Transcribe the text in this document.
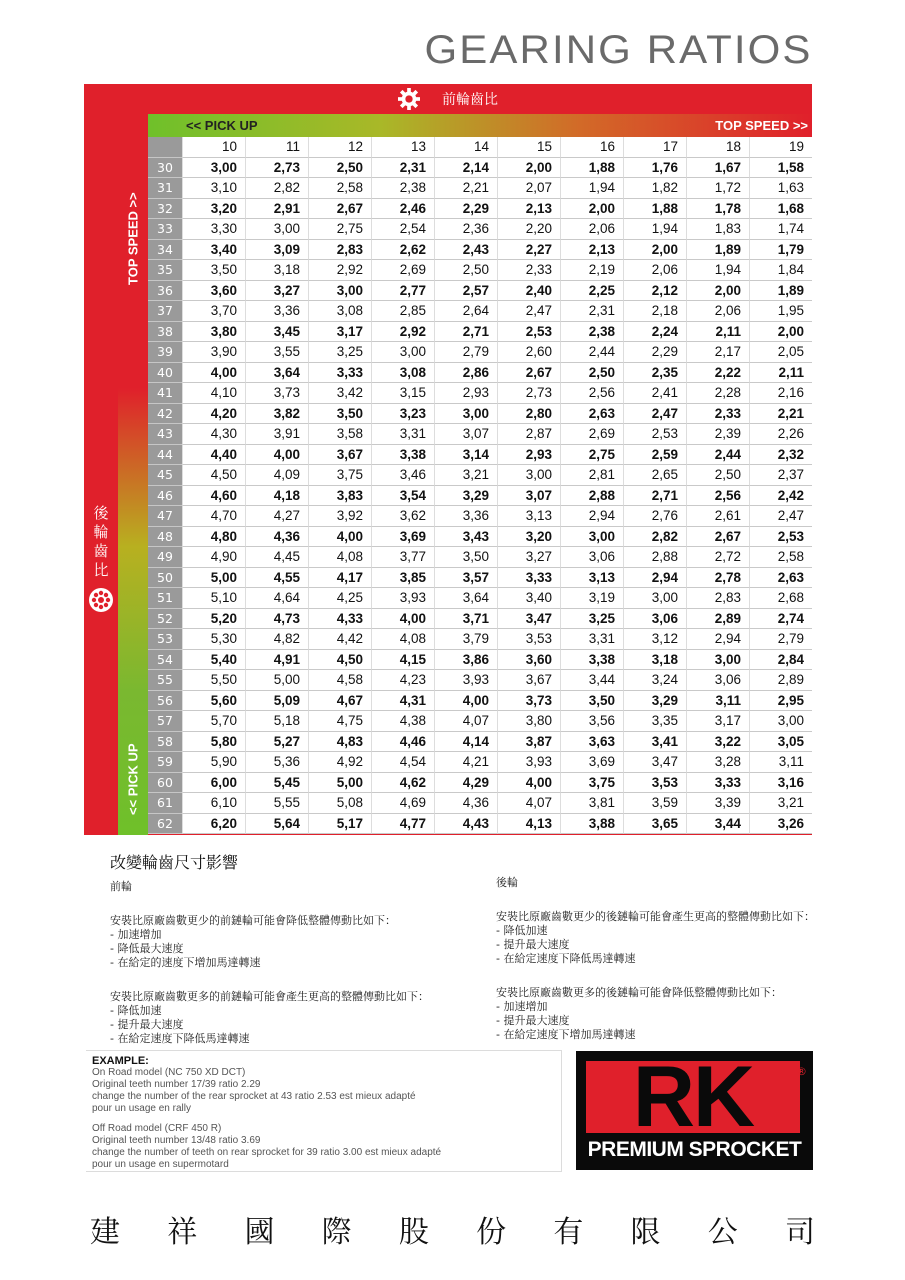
GEARING RATIOS
前輪齒比
後
輪
齒
比
TOP SPEED >>
<< PICK UP
<< PICK UP	TOP SPEED >>
10	11	12	13	14	15	16	17	18	19
30	3,00	2,73	2,50	2,31	2,14	2,00	1,88	1,76	1,67	1,58
31	3,10	2,82	2,58	2,38	2,21	2,07	1,94	1,82	1,72	1,63
32	3,20	2,91	2,67	2,46	2,29	2,13	2,00	1,88	1,78	1,68
33	3,30	3,00	2,75	2,54	2,36	2,20	2,06	1,94	1,83	1,74
34	3,40	3,09	2,83	2,62	2,43	2,27	2,13	2,00	1,89	1,79
35	3,50	3,18	2,92	2,69	2,50	2,33	2,19	2,06	1,94	1,84
36	3,60	3,27	3,00	2,77	2,57	2,40	2,25	2,12	2,00	1,89
37	3,70	3,36	3,08	2,85	2,64	2,47	2,31	2,18	2,06	1,95
38	3,80	3,45	3,17	2,92	2,71	2,53	2,38	2,24	2,11	2,00
39	3,90	3,55	3,25	3,00	2,79	2,60	2,44	2,29	2,17	2,05
40	4,00	3,64	3,33	3,08	2,86	2,67	2,50	2,35	2,22	2,11
41	4,10	3,73	3,42	3,15	2,93	2,73	2,56	2,41	2,28	2,16
42	4,20	3,82	3,50	3,23	3,00	2,80	2,63	2,47	2,33	2,21
43	4,30	3,91	3,58	3,31	3,07	2,87	2,69	2,53	2,39	2,26
44	4,40	4,00	3,67	3,38	3,14	2,93	2,75	2,59	2,44	2,32
45	4,50	4,09	3,75	3,46	3,21	3,00	2,81	2,65	2,50	2,37
46	4,60	4,18	3,83	3,54	3,29	3,07	2,88	2,71	2,56	2,42
47	4,70	4,27	3,92	3,62	3,36	3,13	2,94	2,76	2,61	2,47
48	4,80	4,36	4,00	3,69	3,43	3,20	3,00	2,82	2,67	2,53
49	4,90	4,45	4,08	3,77	3,50	3,27	3,06	2,88	2,72	2,58
50	5,00	4,55	4,17	3,85	3,57	3,33	3,13	2,94	2,78	2,63
51	5,10	4,64	4,25	3,93	3,64	3,40	3,19	3,00	2,83	2,68
52	5,20	4,73	4,33	4,00	3,71	3,47	3,25	3,06	2,89	2,74
53	5,30	4,82	4,42	4,08	3,79	3,53	3,31	3,12	2,94	2,79
54	5,40	4,91	4,50	4,15	3,86	3,60	3,38	3,18	3,00	2,84
55	5,50	5,00	4,58	4,23	3,93	3,67	3,44	3,24	3,06	2,89
56	5,60	5,09	4,67	4,31	4,00	3,73	3,50	3,29	3,11	2,95
57	5,70	5,18	4,75	4,38	4,07	3,80	3,56	3,35	3,17	3,00
58	5,80	5,27	4,83	4,46	4,14	3,87	3,63	3,41	3,22	3,05
59	5,90	5,36	4,92	4,54	4,21	3,93	3,69	3,47	3,28	3,11
60	6,00	5,45	5,00	4,62	4,29	4,00	3,75	3,53	3,33	3,16
61	6,10	5,55	5,08	4,69	4,36	4,07	3,81	3,59	3,39	3,21
62	6,20	5,64	5,17	4,77	4,43	4,13	3,88	3,65	3,44	3,26
改變輪齒尺寸影響

前輪

安裝比原廠齒數更少的前鏈輪可能會降低整體傳動比如下：

- 加速增加

- 降低最大速度

- 在給定的速度下增加馬達轉速

安裝比原廠齒數更多的前鏈輪可能會產生更高的整體傳動比如下：

- 降低加速

- 提升最大速度

- 在給定速度下降低馬達轉速

後輪

安裝比原廠齒數更少的後鏈輪可能會產生更高的整體傳動比如下：

- 降低加速

- 提升最大速度

- 在給定速度下降低馬達轉速

安裝比原廠齒數更多的後鏈輪可能會降低整體傳動比如下：

- 加速增加

- 提升最大速度

- 在給定速度下增加馬達轉速

EXAMPLE:
On Road model (NC 750 XD DCT)
Original teeth number 17/39 ratio 2.29
change the number of the rear sprocket at 43 ratio 2.53 est mieux adapté
pour un usage en rally
Off Road model (CRF 450 R)
Original teeth number 13/48 ratio 3.69
change the number of teeth on rear sprocket for 39 ratio 3.00 est mieux adapté
pour un usage en supermotard
RK	®
PREMIUM SPROCKET
建 祥 國 際 股 份 有 限 公 司
